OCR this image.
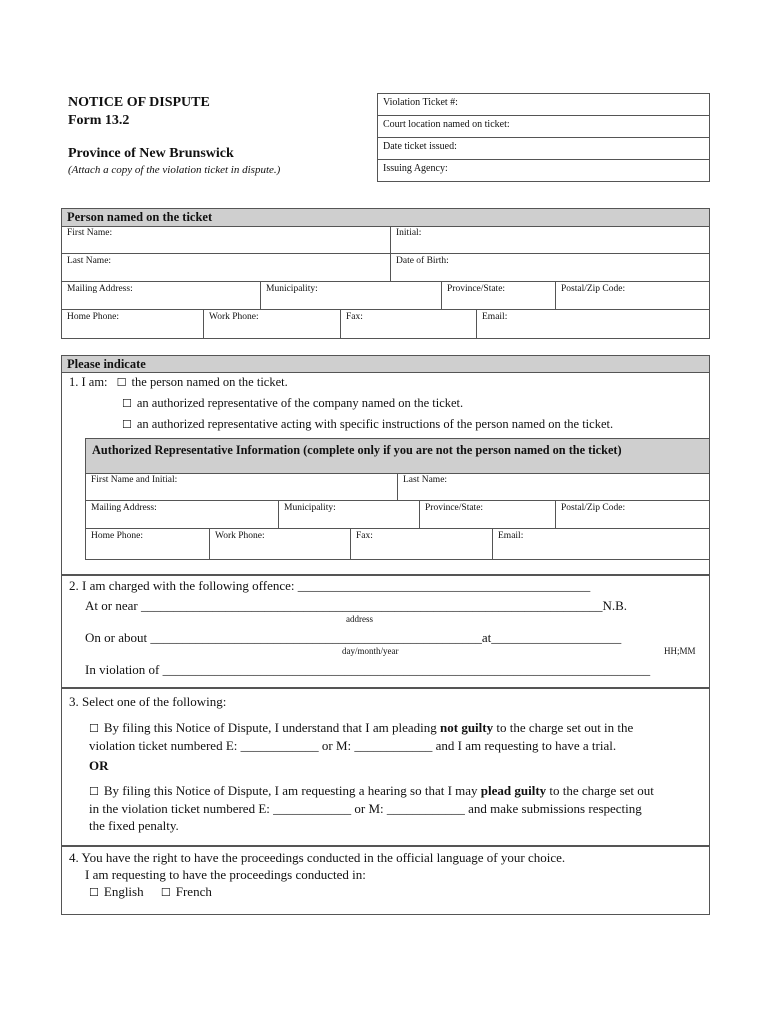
NOTICE OF DISPUTE
Form 13.2
Province of New Brunswick
(Attach a copy of the violation ticket in dispute.)
Violation Ticket #:
Court location named on ticket:
Date ticket issued:
Issuing Agency:
Person named on the ticket
First Name:	Initial:
Last Name:	Date of Birth:
Mailing Address:	Municipality:	Province/State:	Postal/Zip Code:
Home Phone:	Work Phone:	Fax:	Email:
Please indicate
1. I am: ☐ the person named on the ticket.
☐ an authorized representative of the company named on the ticket.
☐ an authorized representative acting with specific instructions of the person named on the ticket.
Authorized Representative Information (complete only if you are not the person named on the ticket)
First Name and Initial:	Last Name:
Mailing Address:	Municipality:	Province/State:	Postal/Zip Code:
Home Phone:	Work Phone:	Fax:	Email:
2. I am charged with the following offence: _____________________________________________
At or near _______________________________________________________________________N.B.
address
On or about ___________________________________________________at____________________
day/month/year	HH;MM
In violation of ___________________________________________________________________________
3. Select one of the following:
☐ By filing this Notice of Dispute, I understand that I am pleading not guilty to the charge set out in the
violation ticket numbered E: ____________ or M: ____________ and I am requesting to have a trial.
OR
☐ By filing this Notice of Dispute, I am requesting a hearing so that I may plead guilty to the charge set out
in the violation ticket numbered E: ____________ or M: ____________ and make submissions respecting
the fixed penalty.
4. You have the right to have the proceedings conducted in the official language of your choice.
I am requesting to have the proceedings conducted in:
☐ English ☐ French
